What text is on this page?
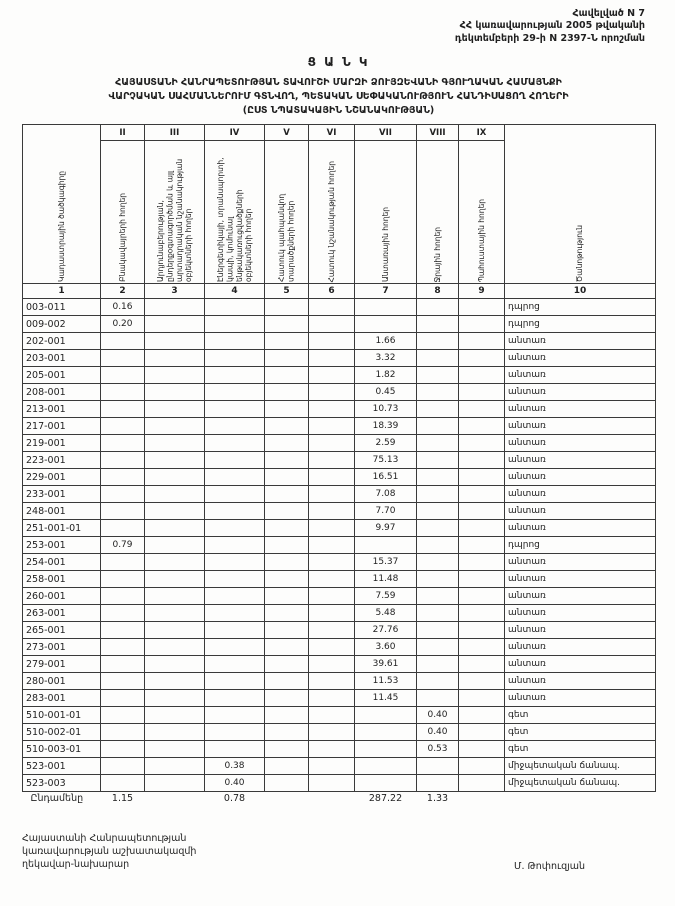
Հավելված N 7
ՀՀ կառավարության 2005 թվականի
դեկտեմբերի 29-ի N 2397-Ն որոշման
Ց Ա Ն Կ
ՀԱՅԱՍՏԱՆԻ ՀԱՆՐԱՊԵՏՈՒԹՅԱՆ ՏԱՎՈՒՇԻ ՄԱՐԶԻ ՁՈՒՅԶԵՎԱՆԻ ԳՅՈՒՂԱԿԱՆ ՀԱՄԱՅՆՔԻ
ՎԱՐՉԱԿԱՆ ՍԱՀՄԱՆՆԵՐՈՒՄ ԳՏՆՎՈՂ, ՊԵՏԱԿԱՆ ՍԵՓԱԿԱՆՈՒԹՅՈՒՆ ՀԱՆԴԻՍԱՑՈՂ ՀՈՂԵՐԻ
(ԸՍՏ ՆՊԱՏԱԿԱՅԻՆ ՆՇԱՆԱԿՈՒԹՅԱՆ)
Կադաստրային ծածկագիրը	II	III	IV	V	VI	VII	VIII	IX	Ծանոթություն

	Բնակավայրերի հողեր	Արդյունաբերության, ընդերքօգտագործման և այլ արտադրական նշանակության օբյեկտների հողեր	Էներգետիկայի, տրանսպորտի, կապի, կոմունալ ենթակառուցվածքների օբյեկտների հողեր	Հատուկ պահպանվող տարածքների հողեր	Հատուկ նշանակության հողեր	Անտառային հողեր	Ջրային հողեր	Պահուստային հողեր	

1	2	3	4	5	6	7	8	9	10
003-011	0.16								դպրոց
009-002	0.20								դպրոց
202-001						1.66			անտառ
203-001						3.32			անտառ
205-001						1.82			անտառ
208-001						0.45			անտառ
213-001						10.73			անտառ
217-001						18.39			անտառ
219-001						2.59			անտառ
223-001						75.13			անտառ
229-001						16.51			անտառ
233-001						7.08			անտառ
248-001						7.70			անտառ
251-001-01						9.97			անտառ
253-001	0.79								դպրոց
254-001						15.37			անտառ
258-001						11.48			անտառ
260-001						7.59			անտառ
263-001						5.48			անտառ
265-001						27.76			անտառ
273-001						3.60			անտառ
279-001						39.61			անտառ
280-001						11.53			անտառ
283-001						11.45			անտառ
510-001-01							0.40		գետ
510-002-01							0.40		գետ
510-003-01							0.53		գետ
523-001			0.38						միջպետական ճանապ.
523-003			0.40						միջպետական ճանապ.
Ընդամենը	1.15		0.78			287.22	1.33		
Հայաստանի Հանրապետության
կառավարության աշխատակազմի
ղեկավար-նախարար	Մ. Թոփուզյան
